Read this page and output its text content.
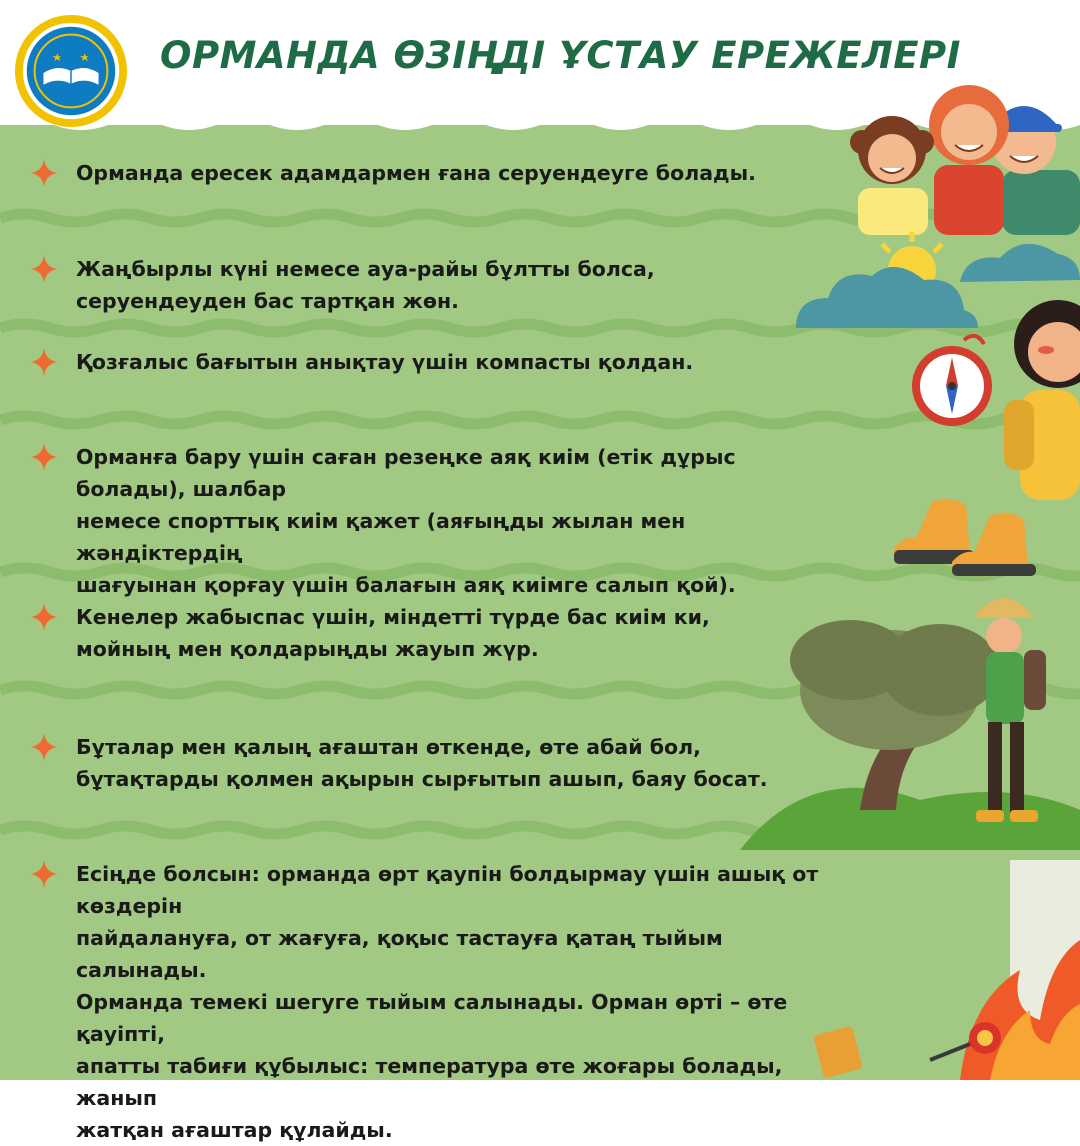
ОРМАНДА ӨЗІҢДІ ҰСТАУ ЕРЕЖЕЛЕРІ

Орманда ересек адамдармен ғана серуендеуге болады.

Жаңбырлы күні немесе ауа-райы бұлтты болса,
серуендеуден бас тартқан жөн.

Қозғалыс бағытын анықтау үшін компасты қолдан.

Орманға бару үшін саған резеңке аяқ киім (етік дұрыс болады), шалбар
немесе спорттық киім қажет (аяғыңды жылан мен жәндіктердің
шағуынан қорғау үшін балағын аяқ киімге салып қой).

Кенелер жабыспас үшін, міндетті түрде бас киім ки,
мойның мен қолдарыңды жауып жүр.

Бұталар мен қалың ағаштан өткенде, өте абай бол,
бұтақтарды қолмен ақырын сырғытып ашып, баяу босат.

Есіңде болсын: орманда өрт қаупін болдырмау үшін ашық от көздерін
пайдалануға, от жағуға, қоқыс тастауға қатаң тыйым салынады.
Орманда темекі шегуге тыйым салынады. Орман өрті – өте қауіпті,
апатты табиғи құбылыс: температура өте жоғары болады, жанып
жатқан ағаштар құлайды.
